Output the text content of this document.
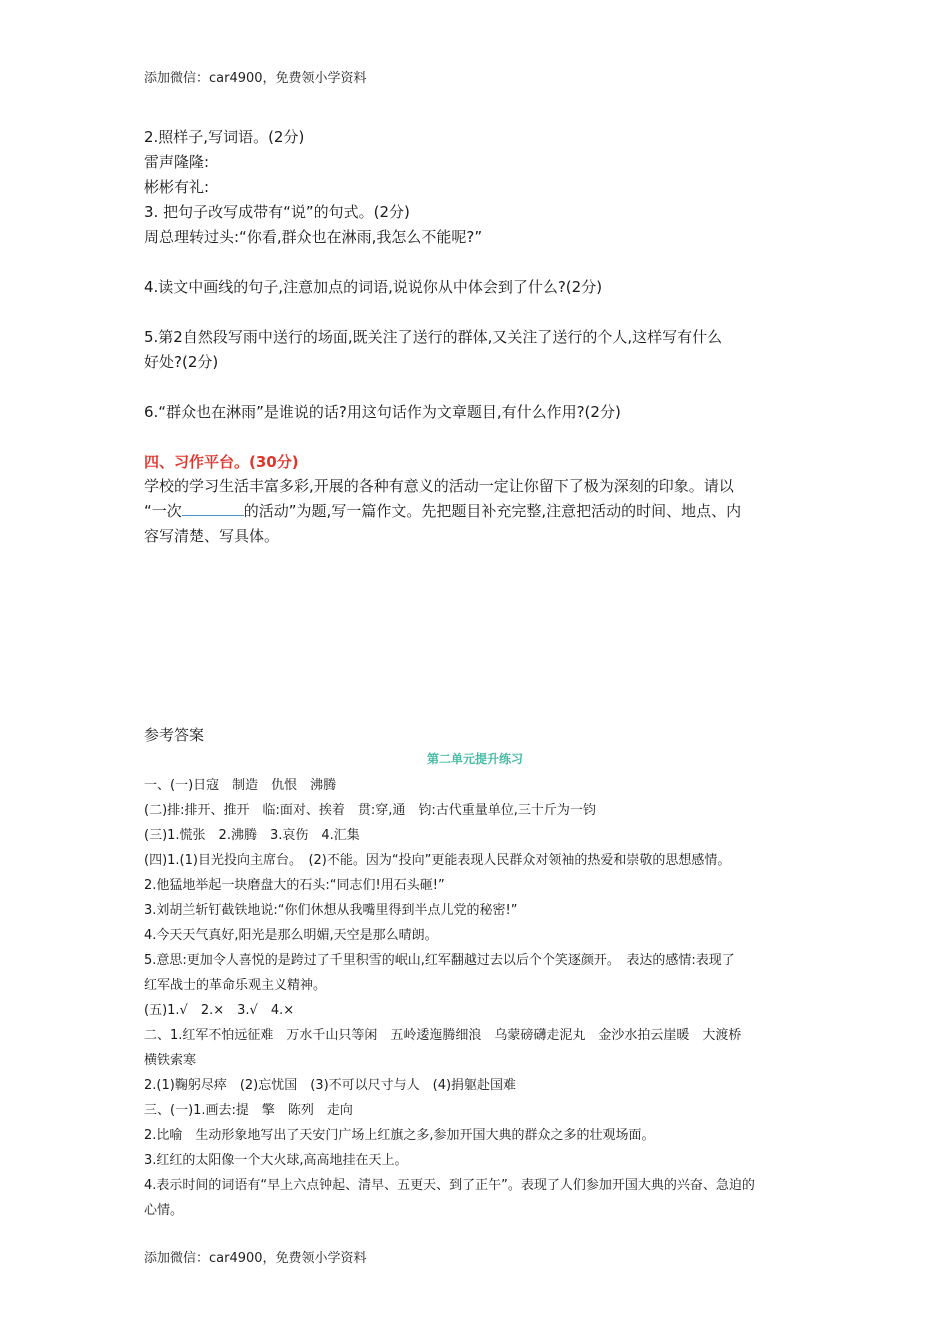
添加微信：car4900，免费领小学资料
2.照样子,写词语。(2分)
雷声隆隆:
彬彬有礼:
3. 把句子改写成带有“说”的句式。(2分)
周总理转过头:“你看,群众也在淋雨,我怎么不能呢?”
4.读文中画线的句子,注意加点的词语,说说你从中体会到了什么?(2分)
5.第2自然段写雨中送行的场面,既关注了送行的群体,又关注了送行的个人,这样写有什么
好处?(2分)
6.“群众也在淋雨”是谁说的话?用这句话作为文章题目,有什么作用?(2分)
四、习作平台。(30分)
学校的学习生活丰富多彩,开展的各种有意义的活动一定让你留下了极为深刻的印象。请以
“一次	的活动”为题,写一篇作文。先把题目补充完整,注意把活动的时间、地点、内
容写清楚、写具体。
参考答案
第二单元提升练习
一、(一)日寇　制造　仇恨　沸腾
(二)排:排开、推开　临:面对、挨着　贯:穿,通　钧:古代重量单位,三十斤为一钧
(三)1.慌张　2.沸腾　3.哀伤　4.汇集
(四)1.(1)目光投向主席台。　(2)不能。因为“投向”更能表现人民群众对领袖的热爱和崇敬的思想感情。
2.他猛地举起一块磨盘大的石头:“同志们!用石头砸!”
3.刘胡兰斩钉截铁地说:“你们休想从我嘴里得到半点儿党的秘密!”
4.今天天气真好,阳光是那么明媚,天空是那么晴朗。
5.意思:更加令人喜悦的是跨过了千里积雪的岷山,红军翻越过去以后个个笑逐颜开。　表达的感情:表现了
红军战士的革命乐观主义精神。
(五)1.√　2.×　3.√　4.×
二、1.红军不怕远征难　万水千山只等闲　五岭逶迤腾细浪　乌蒙磅礴走泥丸　金沙水拍云崖暖　大渡桥
横铁索寒
2.(1)鞠躬尽瘁　(2)忘忧国　(3)不可以尺寸与人　(4)捐躯赴国难
三、(一)1.画去:提　擎　陈列　走向
2.比喻　生动形象地写出了天安门广场上红旗之多,参加开国大典的群众之多的壮观场面。
3.红红的太阳像一个大火球,高高地挂在天上。
4.表示时间的词语有“早上六点钟起、清早、五更天、到了正午”。表现了人们参加开国大典的兴奋、急迫的
心情。
添加微信：car4900，免费领小学资料
